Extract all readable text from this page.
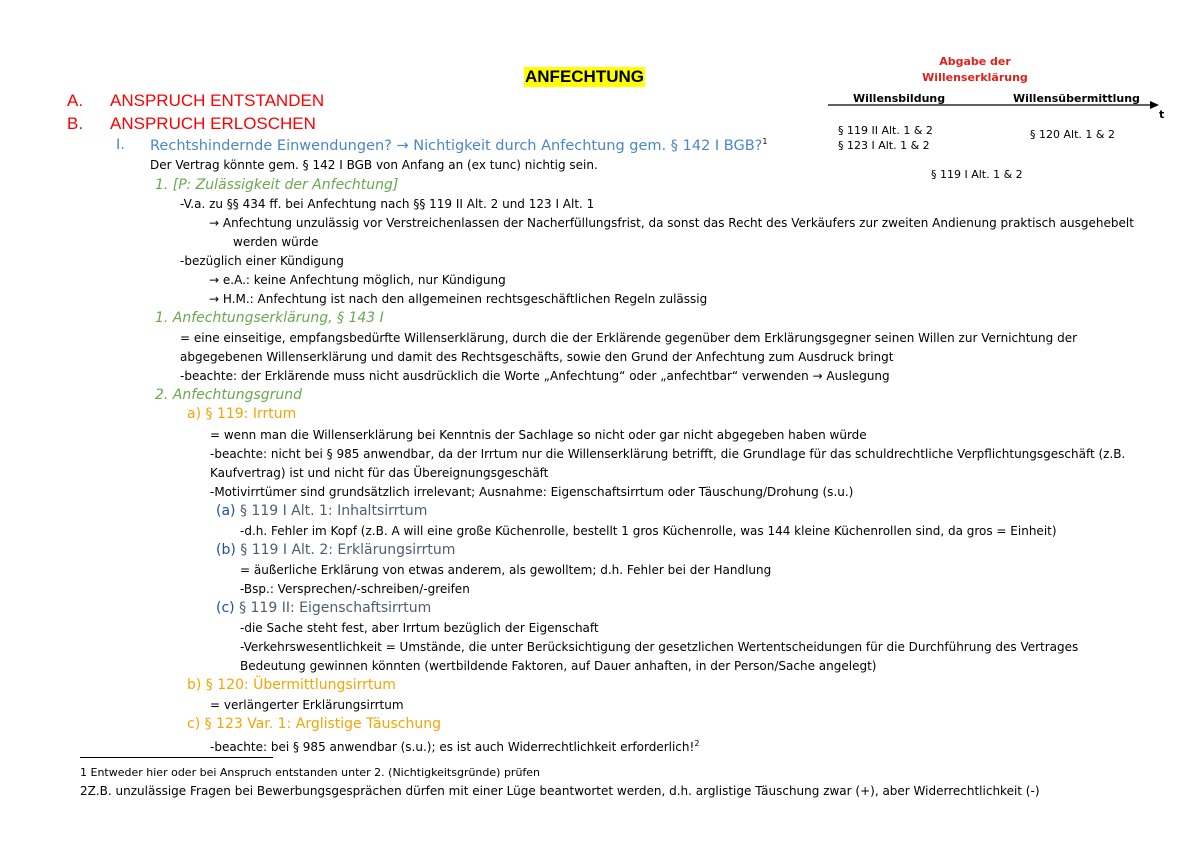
ANFECHTUNG
Abgabe der
Willenserklärung
Willensbildung	Willensübermittlung
t
§ 119 II Alt. 1 & 2
§ 123 I Alt. 1 & 2
§ 120 Alt. 1 & 2
§ 119 I Alt. 1 & 2
A. ANSPRUCH ENTSTANDEN
B. ANSPRUCH ERLOSCHEN
I. Rechtshindernde Einwendungen? → Nichtigkeit durch Anfechtung gem. § 142 I BGB?$^1$
Der Vertrag könnte gem. § 142 I BGB von Anfang an (ex tunc) nichtig sein.
1. [P: Zulässigkeit der Anfechtung]
-V.a. zu §§ 434 ff. bei Anfechtung nach §§ 119 II Alt. 2 und 123 I Alt. 1
→ Anfechtung unzulässig vor Verstreichenlassen der Nacherfüllungsfrist, da sonst das Recht des Verkäufers zur zweiten Andienung praktisch ausgehebelt
werden würde
-bezüglich einer Kündigung
→ e.A.: keine Anfechtung möglich, nur Kündigung
→ H.M.: Anfechtung ist nach den allgemeinen rechtsgeschäftlichen Regeln zulässig
1. Anfechtungserklärung, § 143 I
= eine einseitige, empfangsbedürfte Willenserklärung, durch die der Erklärende gegenüber dem Erklärungsgegner seinen Willen zur Vernichtung der
abgegebenen Willenserklärung und damit des Rechtsgeschäfts, sowie den Grund der Anfechtung zum Ausdruck bringt
-beachte: der Erklärende muss nicht ausdrücklich die Worte „Anfechtung“ oder „anfechtbar“ verwenden → Auslegung
2. Anfechtungsgrund
a) § 119: Irrtum
= wenn man die Willenserklärung bei Kenntnis der Sachlage so nicht oder gar nicht abgegeben haben würde
-beachte: nicht bei § 985 anwendbar, da der Irrtum nur die Willenserklärung betrifft, die Grundlage für das schuldrechtliche Verpflichtungsgeschäft (z.B.
Kaufvertrag) ist und nicht für das Übereignungsgeschäft
-Motivirrtümer sind grundsätzlich irrelevant; Ausnahme: Eigenschaftsirrtum oder Täuschung/Drohung (s.u.)
(a) § 119 I Alt. 1: Inhaltsirrtum
-d.h. Fehler im Kopf (z.B. A will eine große Küchenrolle, bestellt 1 gros Küchenrolle, was 144 kleine Küchenrollen sind, da gros = Einheit)
(b) § 119 I Alt. 2: Erklärungsirrtum
= äußerliche Erklärung von etwas anderem, als gewolltem; d.h. Fehler bei der Handlung
-Bsp.: Versprechen/-schreiben/-greifen
(c) § 119 II: Eigenschaftsirrtum
-die Sache steht fest, aber Irrtum bezüglich der Eigenschaft
-Verkehrswesentlichkeit = Umstände, die unter Berücksichtigung der gesetzlichen Wertentscheidungen für die Durchführung des Vertrages
Bedeutung gewinnen könnten (wertbildende Faktoren, auf Dauer anhaften, in der Person/Sache angelegt)
b) § 120: Übermittlungsirrtum
= verlängerter Erklärungsirrtum
c) § 123 Var. 1: Arglistige Täuschung
-beachte: bei § 985 anwendbar (s.u.); es ist auch Widerrechtlichkeit erforderlich!$^2$
1 Entweder hier oder bei Anspruch entstanden unter 2. (Nichtigkeitsgründe) prüfen
2Z.B. unzulässige Fragen bei Bewerbungsgesprächen dürfen mit einer Lüge beantwortet werden, d.h. arglistige Täuschung zwar (+), aber Widerrechtlichkeit (-)
